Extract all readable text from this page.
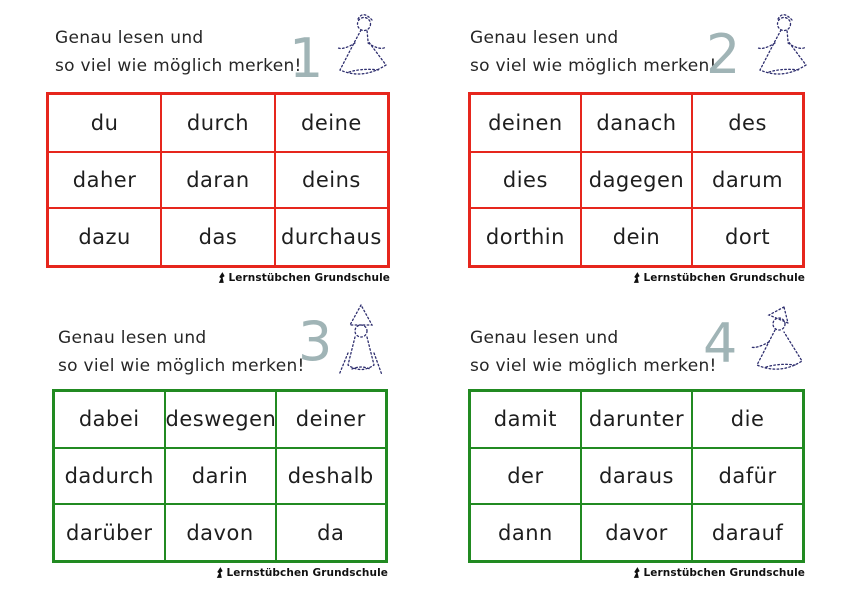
Genau lesen und
so viel wie möglich merken!
1
du	durch	deine
daher	daran	deins
dazu	das	durchaus
Lernstübchen Grundschule
Genau lesen und
so viel wie möglich merken!
2
deinen	danach	des
dies	dagegen	darum
dorthin	dein	dort
Lernstübchen Grundschule
Genau lesen und
so viel wie möglich merken!
3
dabei	deswegen	deiner
dadurch	darin	deshalb
darüber	davon	da
Lernstübchen Grundschule
Genau lesen und
so viel wie möglich merken!
4
damit	darunter	die
der	daraus	dafür
dann	davor	darauf
Lernstübchen Grundschule
